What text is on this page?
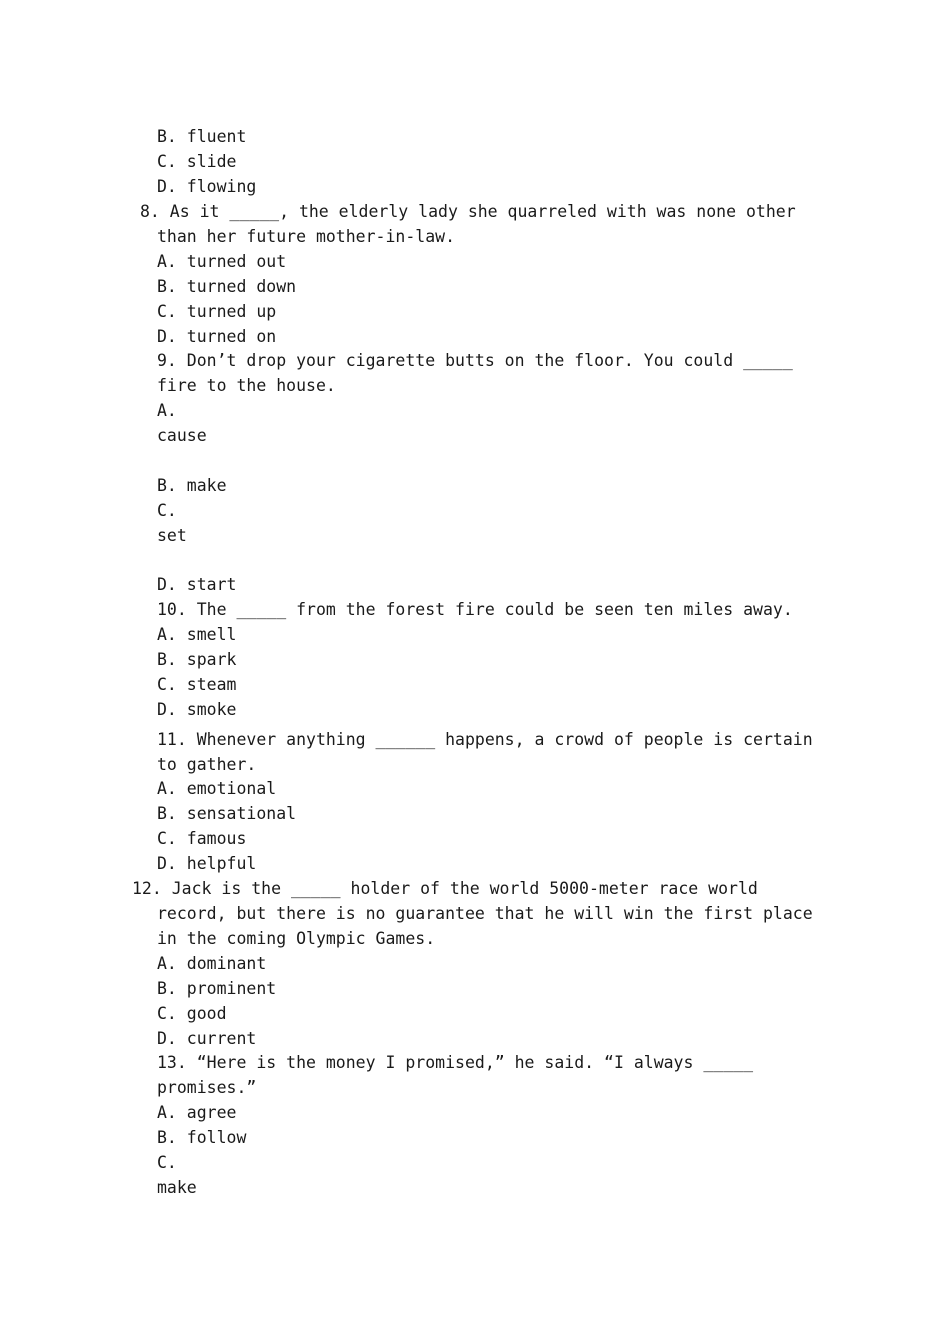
B. fluent

C. slide

D. flowing

8. As it _____, the elderly lady she quarreled with was none other

than her future mother-in-law.

A. turned out

B. turned down

C. turned up

D. turned on

9. Don’t drop your cigarette butts on the floor. You could _____

fire to the house.

A.

cause

B. make

C.

set

D. start

10. The _____ from the forest fire could be seen ten miles away.

A. smell

B. spark

C. steam

D. smoke

11. Whenever anything ______ happens, a crowd of people is certain

to gather.

A. emotional

B. sensational

C. famous

D. helpful

12. Jack is the _____ holder of the world 5000-meter race world

record, but there is no guarantee that he will win the first place

in the coming Olympic Games.

A. dominant

B. prominent

C. good

D. current

13. “Here is the money I promised,” he said. “I always _____

promises.”

A. agree

B. follow

C.

make
